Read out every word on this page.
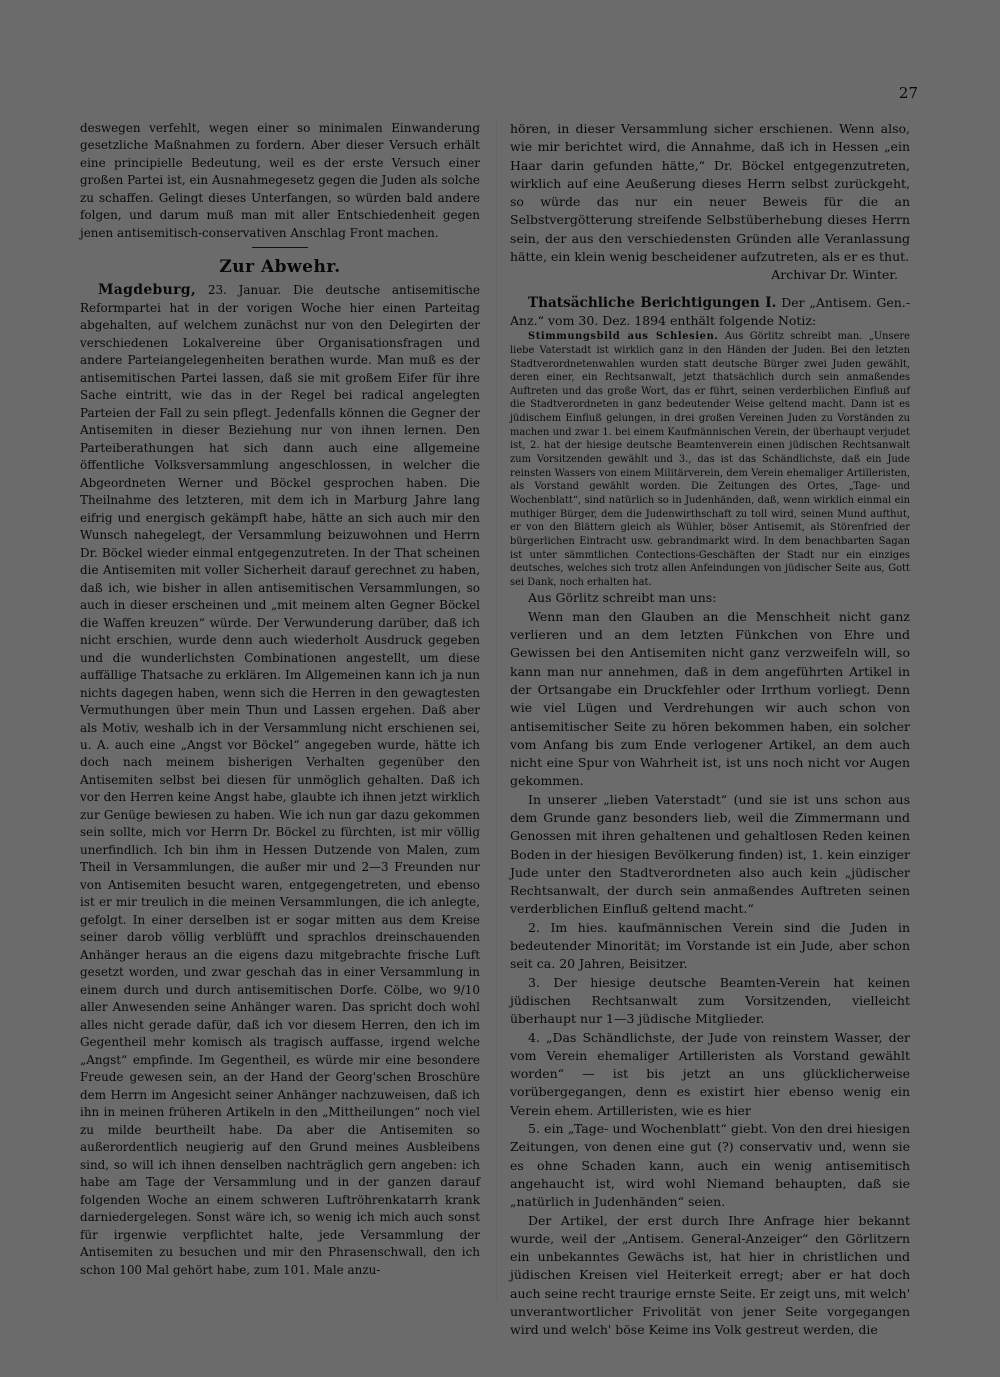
27

deswegen verfehlt, wegen einer so minimalen Einwanderung gesetzliche Maßnahmen zu fordern. Aber dieser Versuch erhält eine principielle Bedeutung, weil es der erste Versuch einer großen Partei ist, ein Ausnahmegesetz gegen die Juden als solche zu schaffen. Gelingt dieses Unterfangen, so würden bald andere folgen, und darum muß man mit aller Entschiedenheit gegen jenen antisemitisch-conservativen Anschlag Front machen.

Zur Abwehr.

Magdeburg, 23. Januar. Die deutsche antisemitische Reformpartei hat in der vorigen Woche hier einen Parteitag abgehalten, auf welchem zunächst nur von den Delegirten der verschiedenen Lokalvereine über Organisationsfragen und andere Parteiangelegenheiten berathen wurde. Man muß es der antisemitischen Partei lassen, daß sie mit großem Eifer für ihre Sache eintritt, wie das in der Regel bei radical angelegten Parteien der Fall zu sein pflegt. Jedenfalls können die Gegner der Antisemiten in dieser Beziehung nur von ihnen lernen. Den Parteiberathungen hat sich dann auch eine allgemeine öffentliche Volksversammlung angeschlossen, in welcher die Abgeordneten Werner und Böckel gesprochen haben. Die Theilnahme des letzteren, mit dem ich in Marburg Jahre lang eifrig und energisch gekämpft habe, hätte an sich auch mir den Wunsch nahegelegt, der Versammlung beizuwohnen und Herrn Dr. Böckel wieder einmal entgegenzutreten. In der That scheinen die Antisemiten mit voller Sicherheit darauf gerechnet zu haben, daß ich, wie bisher in allen antisemitischen Versammlungen, so auch in dieser erscheinen und „mit meinem alten Gegner Böckel die Waffen kreuzen“ würde. Der Verwunderung darüber, daß ich nicht erschien, wurde denn auch wiederholt Ausdruck gegeben und die wunderlichsten Combinationen angestellt, um diese auffällige Thatsache zu erklären. Im Allgemeinen kann ich ja nun nichts dagegen haben, wenn sich die Herren in den gewagtesten Vermuthungen über mein Thun und Lassen ergehen. Daß aber als Motiv, weshalb ich in der Versammlung nicht erschienen sei, u. A. auch eine „Angst vor Böckel“ angegeben wurde, hätte ich doch nach meinem bisherigen Verhalten gegenüber den Antisemiten selbst bei diesen für unmöglich gehalten. Daß ich vor den Herren keine Angst habe, glaubte ich ihnen jetzt wirklich zur Genüge bewiesen zu haben. Wie ich nun gar dazu gekommen sein sollte, mich vor Herrn Dr. Böckel zu fürchten, ist mir völlig unerfindlich. Ich bin ihm in Hessen Dutzende von Malen, zum Theil in Versammlungen, die außer mir und 2—3 Freunden nur von Antisemiten besucht waren, entgegengetreten, und ebenso ist er mir treulich in die meinen Versammlungen, die ich anlegte, gefolgt. In einer derselben ist er sogar mitten aus dem Kreise seiner darob völlig verblüfft und sprachlos dreinschauenden Anhänger heraus an die eigens dazu mitgebrachte frische Luft gesetzt worden, und zwar geschah das in einer Versammlung in einem durch und durch antisemitischen Dorfe. Cölbe, wo 9/10 aller Anwesenden seine Anhänger waren. Das spricht doch wohl alles nicht gerade dafür, daß ich vor diesem Herren, den ich im Gegentheil mehr komisch als tragisch auffasse, irgend welche „Angst“ empfinde. Im Gegentheil, es würde mir eine besondere Freude gewesen sein, an der Hand der Georg'schen Broschüre dem Herrn im Angesicht seiner Anhänger nachzuweisen, daß ich ihn in meinen früheren Artikeln in den „Mittheilungen“ noch viel zu milde beurtheilt habe. Da aber die Antisemiten so außerordentlich neugierig auf den Grund meines Ausbleibens sind, so will ich ihnen denselben nachträglich gern angeben: ich habe am Tage der Versammlung und in der ganzen darauf folgenden Woche an einem schweren Luftröhrenkatarrh krank darniedergelegen. Sonst wäre ich, so wenig ich mich auch sonst für irgenwie verpflichtet halte, jede Versammlung der Antisemiten zu besuchen und mir den Phrasenschwall, den ich schon 100 Mal gehört habe, zum 101. Male anzu-

hören, in dieser Versammlung sicher erschienen. Wenn also, wie mir berichtet wird, die Annahme, daß ich in Hessen „ein Haar darin gefunden hätte,“ Dr. Böckel entgegenzutreten, wirklich auf eine Aeußerung dieses Herrn selbst zurückgeht, so würde das nur ein neuer Beweis für die an Selbstvergötterung streifende Selbstüberhebung dieses Herrn sein, der aus den verschiedensten Gründen alle Veranlassung hätte, ein klein wenig bescheidener aufzutreten, als er es thut.

Archivar Dr. Winter.

Thatsächliche Berichtigungen I. Der „Antisem. Gen.-Anz.“ vom 30. Dez. 1894 enthält folgende Notiz:

Stimmungsbild aus Schlesien. Aus Görlitz schreibt man. „Unsere liebe Vaterstadt ist wirklich ganz in den Händen der Juden. Bei den letzten Stadtverordnetenwahlen wurden statt deutsche Bürger zwei Juden gewählt, deren einer, ein Rechtsanwalt, jetzt thatsächlich durch sein anmaßendes Auftreten und das große Wort, das er führt, seinen verderblichen Einfluß auf die Stadtverordneten in ganz bedeutender Weise geltend macht. Dann ist es jüdischem Einfluß gelungen, in drei großen Vereinen Juden zu Vorständen zu machen und zwar 1. bei einem Kaufmännischen Verein, der überhaupt verjudet ist, 2. hat der hiesige deutsche Beamtenverein einen jüdischen Rechtsanwalt zum Vorsitzenden gewählt und 3., das ist das Schändlichste, daß ein Jude reinsten Wassers von einem Militärverein, dem Verein ehemaliger Artilleristen, als Vorstand gewählt worden. Die Zeitungen des Ortes, „Tage- und Wochenblatt“, sind natürlich so in Judenhänden, daß, wenn wirklich einmal ein muthiger Bürger, dem die Judenwirthschaft zu toll wird, seinen Mund aufthut, er von den Blättern gleich als Wühler, böser Antisemit, als Störenfried der bürgerlichen Eintracht usw. gebrandmarkt wird. In dem benachbarten Sagan ist unter sämmtlichen Contections-Geschäften der Stadt nur ein einziges deutsches, welches sich trotz allen Anfeindungen von jüdischer Seite aus, Gott sei Dank, noch erhalten hat.

Aus Görlitz schreibt man uns:

Wenn man den Glauben an die Menschheit nicht ganz verlieren und an dem letzten Fünkchen von Ehre und Gewissen bei den Antisemiten nicht ganz verzweifeln will, so kann man nur annehmen, daß in dem angeführten Artikel in der Ortsangabe ein Druckfehler oder Irrthum vorliegt. Denn wie viel Lügen und Verdrehungen wir auch schon von antisemitischer Seite zu hören bekommen haben, ein solcher vom Anfang bis zum Ende verlogener Artikel, an dem auch nicht eine Spur von Wahrheit ist, ist uns noch nicht vor Augen gekommen.

In unserer „lieben Vaterstadt“ (und sie ist uns schon aus dem Grunde ganz besonders lieb, weil die Zimmermann und Genossen mit ihren gehaltenen und gehaltlosen Reden keinen Boden in der hiesigen Bevölkerung finden) ist, 1. kein einziger Jude unter den Stadtverordneten also auch kein „jüdischer Rechtsanwalt, der durch sein anmaßendes Auftreten seinen verderblichen Einfluß geltend macht.“

2. Im hies. kaufmännischen Verein sind die Juden in bedeutender Minorität; im Vorstande ist ein Jude, aber schon seit ca. 20 Jahren, Beisitzer.

3. Der hiesige deutsche Beamten-Verein hat keinen jüdischen Rechtsanwalt zum Vorsitzenden, vielleicht überhaupt nur 1—3 jüdische Mitglieder.

4. „Das Schändlichste, der Jude von reinstem Wasser, der vom Verein ehemaliger Artilleristen als Vorstand gewählt worden“ — ist bis jetzt an uns glücklicherweise vorübergegangen, denn es existirt hier ebenso wenig ein Verein ehem. Artilleristen, wie es hier

5. ein „Tage- und Wochenblatt“ giebt. Von den drei hiesigen Zeitungen, von denen eine gut (?) conservativ und, wenn sie es ohne Schaden kann, auch ein wenig antisemitisch angehaucht ist, wird wohl Niemand behaupten, daß sie „natürlich in Judenhänden“ seien.

Der Artikel, der erst durch Ihre Anfrage hier bekannt wurde, weil der „Antisem. General-Anzeiger“ den Görlitzern ein unbekanntes Gewächs ist, hat hier in christlichen und jüdischen Kreisen viel Heiterkeit erregt; aber er hat doch auch seine recht traurige ernste Seite. Er zeigt uns, mit welch' unverantwortlicher Frivolität von jener Seite vorgegangen wird und welch' böse Keime ins Volk gestreut werden, die
